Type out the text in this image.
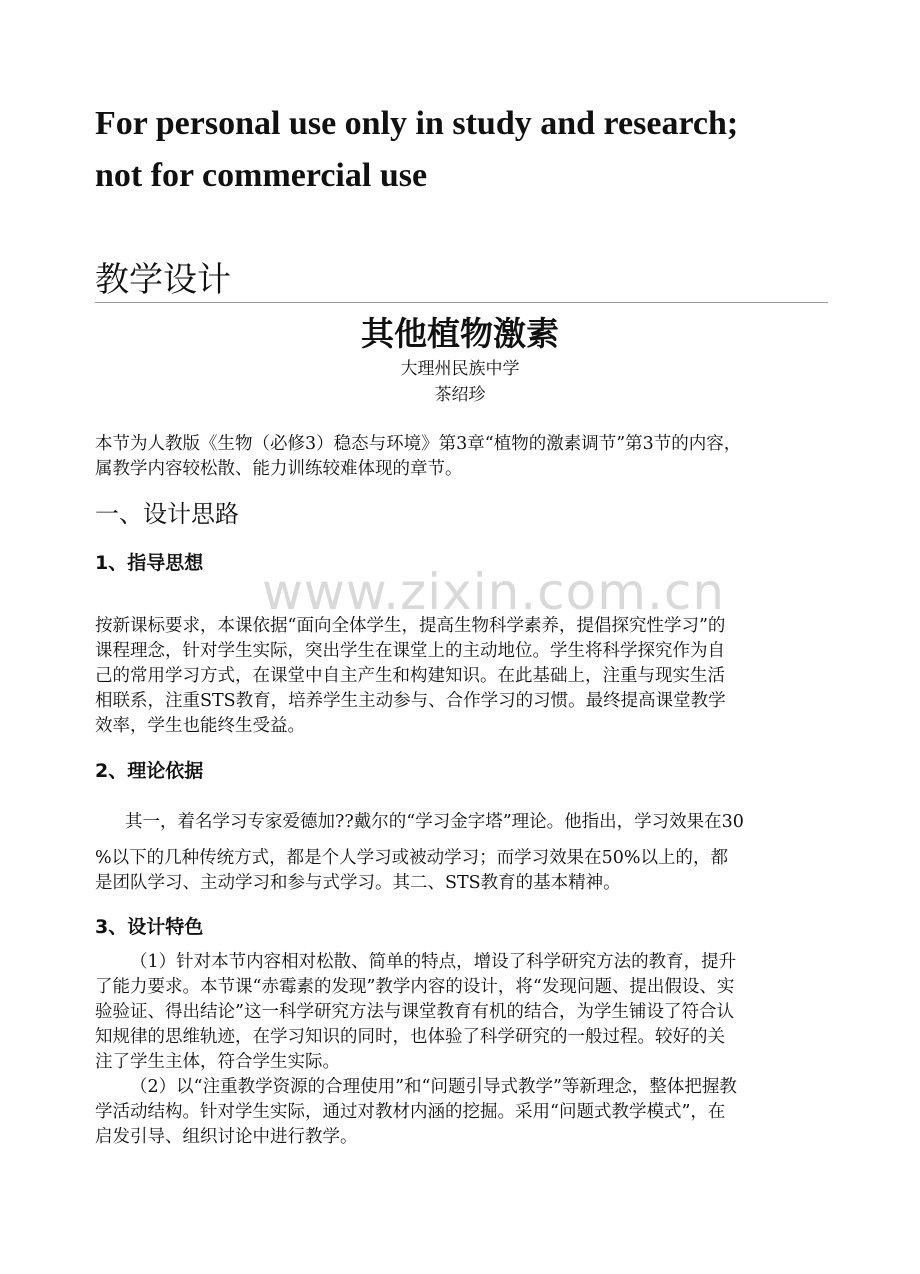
For personal use only in study and research;
not for commercial use
教学设计
其他植物激素
大理州民族中学
茶绍珍
本节为人教版《生物（必修3）稳态与环境》第3章“植物的激素调节”第3节的内容，
属教学内容较松散、能力训练较难体现的章节。
一、设计思路
1、指导思想 www.zixin.com.cn
按新课标要求，本课依据“面向全体学生，提高生物科学素养，提倡探究性学习”的
课程理念，针对学生实际，突出学生在课堂上的主动地位。学生将科学探究作为自
己的常用学习方式，在课堂中自主产生和构建知识。在此基础上，注重与现实生活
相联系，注重STS教育，培养学生主动参与、合作学习的习惯。最终提高课堂教学
效率，学生也能终生受益。
2、理论依据
其一，着名学习专家爱德加??戴尔的“学习金字塔”理论。他指出，学习效果在30
%以下的几种传统方式，都是个人学习或被动学习；而学习效果在50%以上的，都
是团队学习、主动学习和参与式学习。其二、STS教育的基本精神。
3、设计特色
（1）针对本节内容相对松散、简单的特点，增设了科学研究方法的教育，提升
了能力要求。本节课“赤霉素的发现”教学内容的设计，将“发现问题、提出假设、实
验验证、得出结论”这一科学研究方法与课堂教育有机的结合，为学生铺设了符合认
知规律的思维轨迹，在学习知识的同时，也体验了科学研究的一般过程。较好的关
注了学生主体，符合学生实际。
（2）以“注重教学资源的合理使用”和“问题引导式教学”等新理念，整体把握教
学活动结构。针对学生实际，通过对教材内涵的挖掘。采用“问题式教学模式”，在
启发引导、组织讨论中进行教学。
